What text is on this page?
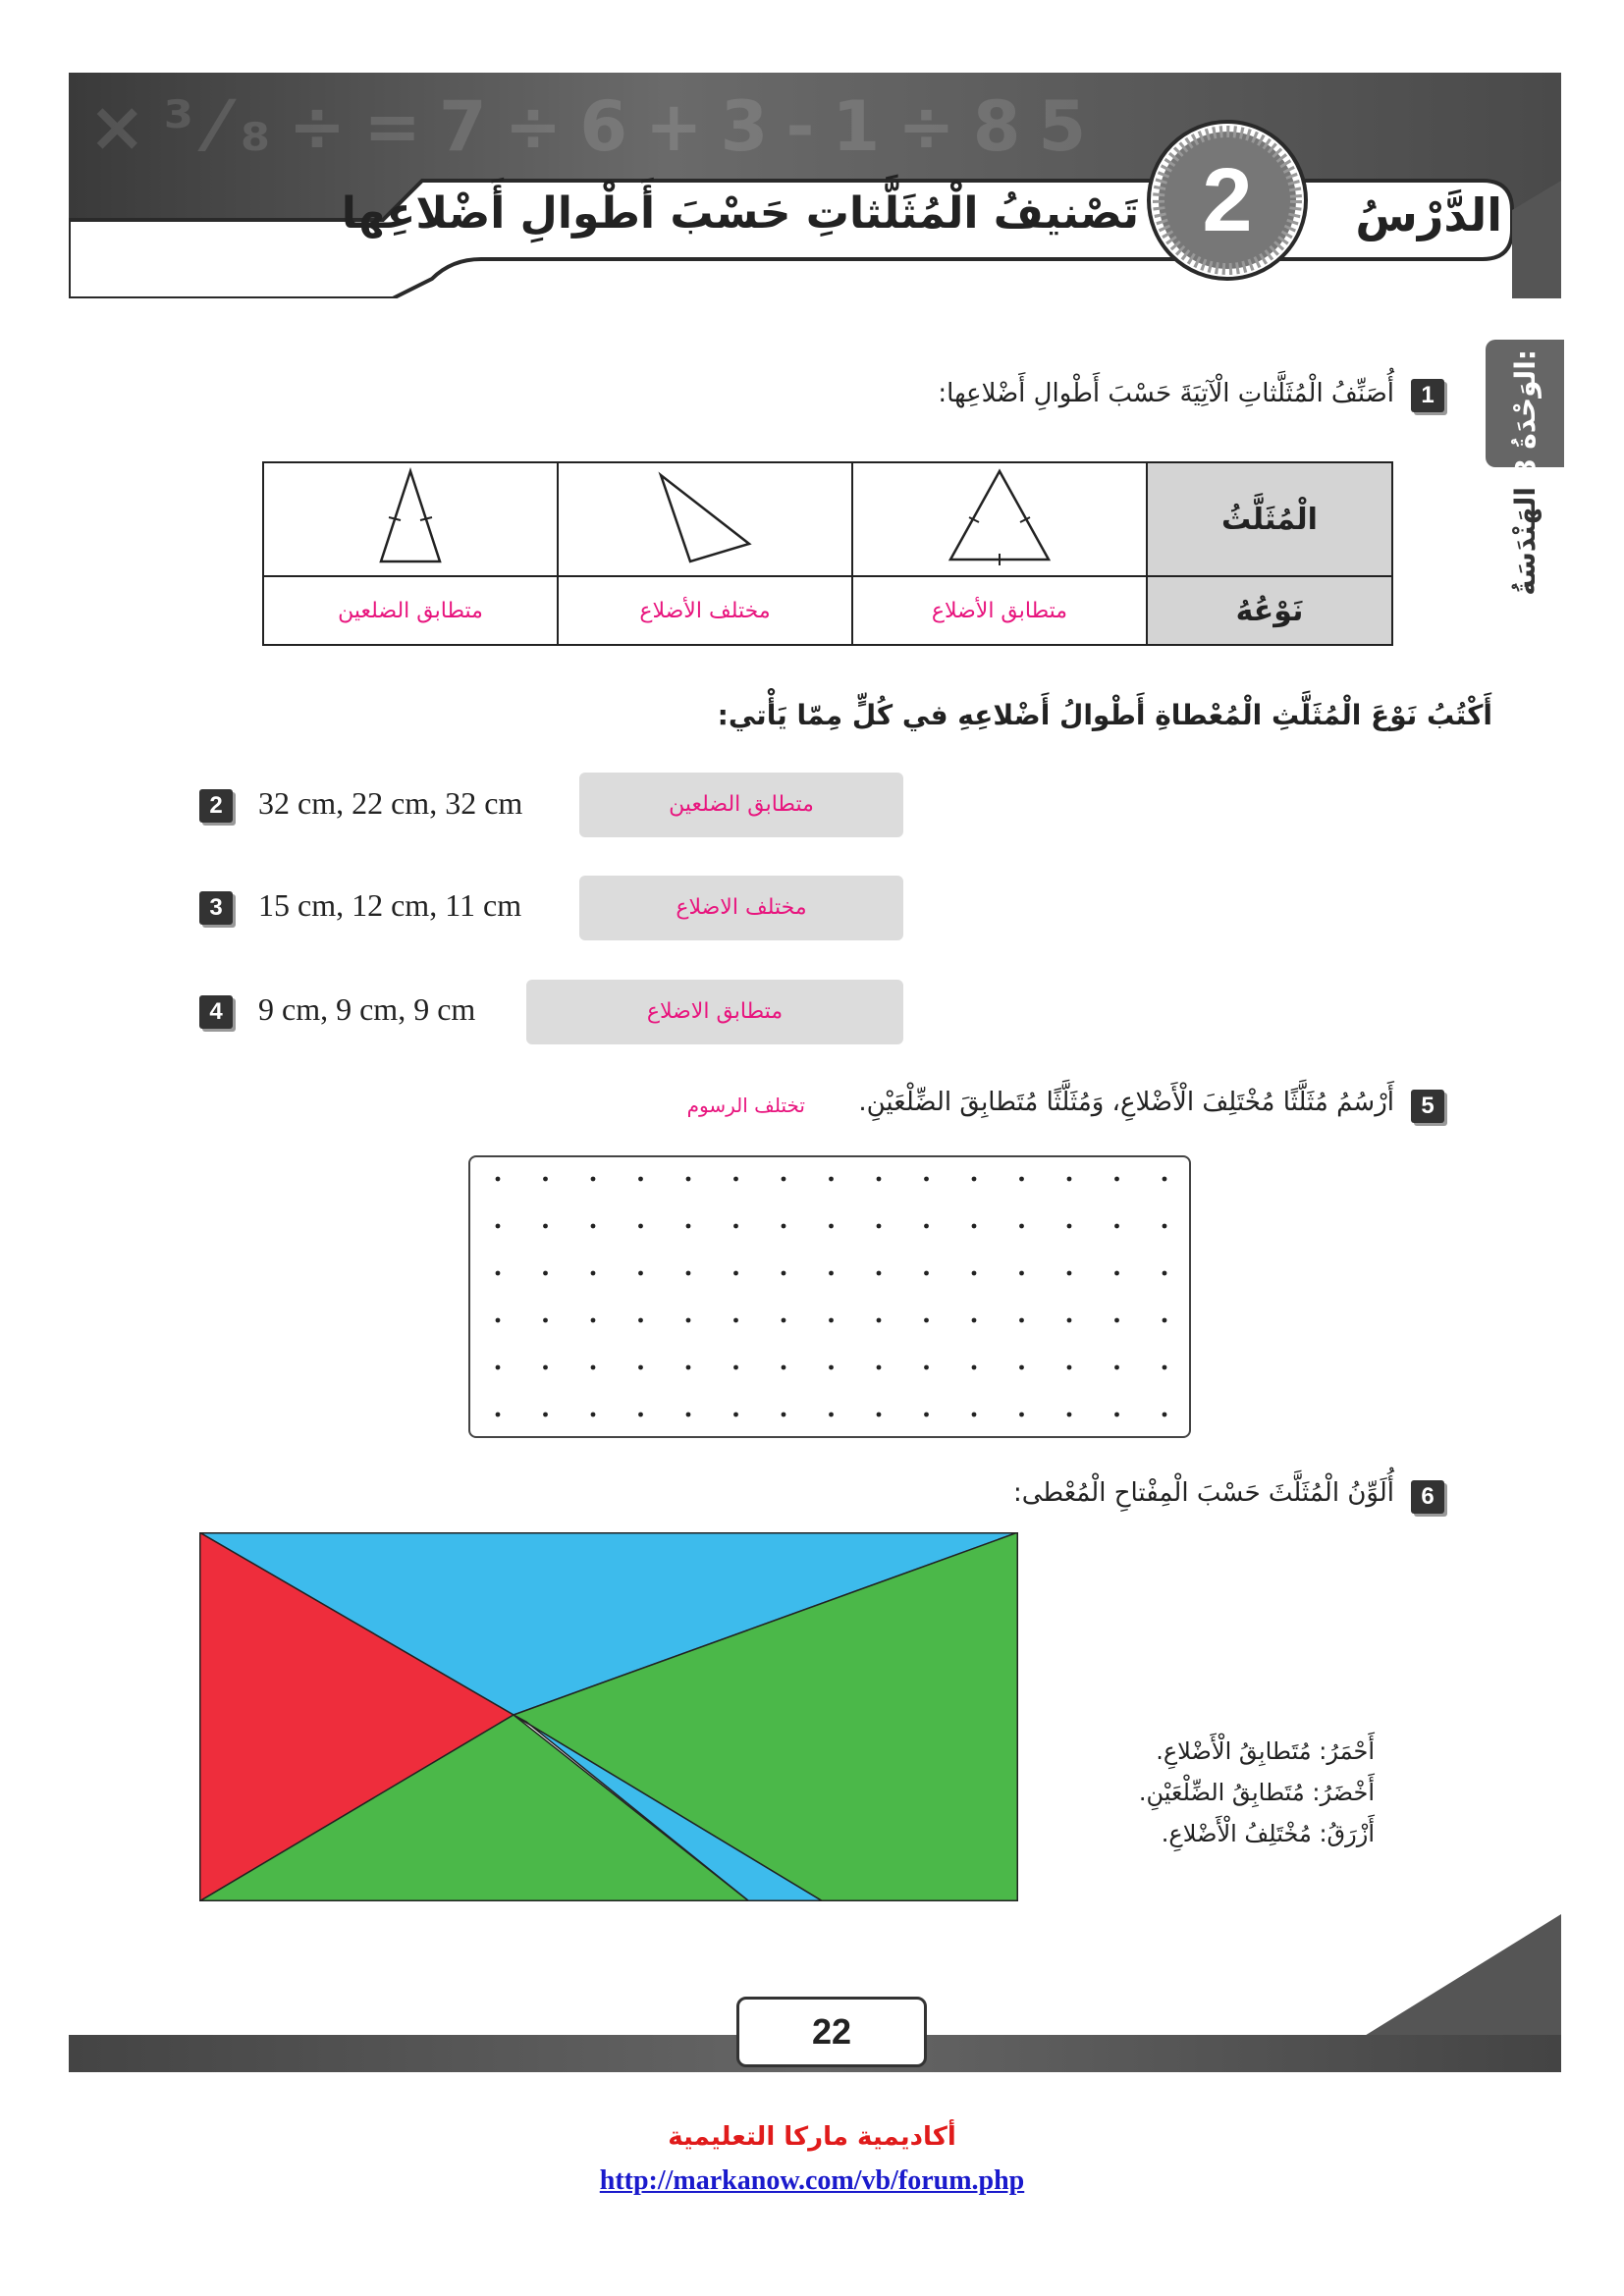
×³⁄₈÷=7÷6+3-1÷85
2	الدَّرْسُ
تَصْنيفُ الْمُثَلَّثاتِ حَسْبَ أَطْوالِ أَضْلاعِها
الوَحْدَةُ 8:
الهَنْدَسَةُ
1
أُصَنِّفُ الْمُثَلَّثاتِ الْآتِيَةَ حَسْبَ أَطْوالِ أَضْلاعِها:
			الْمُثَلَّثُ
متطابق الضلعين	مختلف الأضلاع	متطابق الأضلاع	نَوْعُهُ
أَكْتُبُ نَوْعَ الْمُثَلَّثِ الْمُعْطاةِ أَطْوالُ أَضْلاعِهِ في كُلٍّ مِمّا يَأْتي:
2	32 cm, 22 cm, 32 cm	متطابق الضلعين
3	15 cm, 12 cm, 11 cm	مختلف الاضلاع
4	9 cm, 9 cm, 9 cm	متطابق الاضلاع
5
أَرْسُمُ مُثَلَّثًا مُخْتَلِفَ الْأَضْلاعِ، وَمُثَلَّثًا مُتَطابِقَ الضِّلْعَيْنِ.
تختلف الرسوم
6
أُلَوِّنُ الْمُثَلَّثَ حَسْبَ الْمِفْتاحِ الْمُعْطى:
أَحْمَرُ: مُتَطابِقُ الْأَضْلاعِ.
أَخْضَرُ: مُتَطابِقُ الضِّلْعَيْنِ.
أَزْرَقُ: مُخْتَلِفُ الْأَضْلاعِ.
22
أكاديمية ماركا التعليمية
http://markanow.com/vb/forum.php
